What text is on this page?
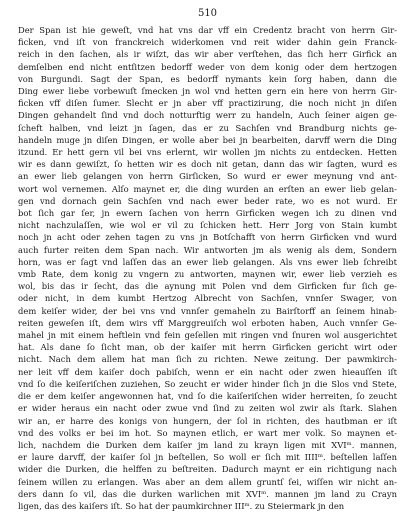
510
Der Span ist hie geweſt, vnd hat vns dar vff ein Credentz bracht von herrn Gir-
ficken, vnd iſt von franckreich widerkomen vnd reit wider dahin gein Franck-
reich in den ſachen, als ir wiſzt, das wir aber verſtehen, das ſich herr Girfick an
demſelben end nicht entſitzen bedorff weder von dem konig oder dem hertzogen
von Burgundi. Sagt der Span, es bedorff nymants kein ſorg haben, dann die
Ding ewer liebe vorbewuſt ſmecken jn wol vnd hetten gern ein here von herrn Gir-
ficken vff diſen ſumer. Slecht er jn aber vff practizirung, die noch nicht jn diſen
Dingen gehandelt ſind vnd doch notturftig werr zu handeln, Auch ſeiner aigen ge-
ſcheft halben, vnd leizt jn ſagen, das er zu Sachſen vnd Brandburg nichts ge-
handeln muge jn diſen Dingen, er wolle aber bei jn bearbeiten, darvff wern die Ding
itzund. Er hett gern vil bei vns erlernt, wir wollen jm nichts zu entdecken. Hetten
wir es dann gewiſzt, ſo hetten wir es doch nit getan, dann das wir ſagten, wurd es
an ewer lieb gelangen von herrn Girſicken, So wurd er ewer meynung vnd ant-
wort wol vernemen. Alſo maynet er, die ding wurden an erſten an ewer lieb gelan-
gen vnd dornach gein Sachſen vnd nach ewer beder rate, wo es not wurd. Er
bot ſich gar ſer, jn ewern ſachen von herrn Girficken wegen ich zu dinen vnd
nicht nachzulaſſen, wie wol er vil zu ſchicken hett. Herr Jorg von Stain kumbt
noch jn acht oder zehen tagen zu vns jn Botſchafft von herrn Girficken vnd wurd
auch furter reiten dem Span nach. Wir antworten jm als wenig als dem, Sondern
horn, was er ſagt vnd laſſen das an ewer lieb gelangen. Als vns ewer lieb ſchreibt
vmb Rate, dem konig zu vngern zu antworten, maynen wir, ewer lieb verzieh es
wol, bis das ir ſecht, das die aynung mit Polen vnd dem Girficken fur ſich ge-
oder nicht, in dem kumbt Hertzog Albrecht von Sachſen, vnnſer Swager, von
dem keiſer wider, der bei vns vnd vnnſer gemaheln zu Bairſtorff an ſeinem hinab-
reiten geweſen iſt, dem wirs vff Marggreuiſch wol erboten haben, Auch vnnſer Ge-
mahel jn mit einem heftlein vnd fein geſellen mit ringen vnd ſnuren wol ausgerichtet
hat. Als dane ſo ſicht man, ob der kaiſer mit herrn Girficken gericht wirt oder
nicht. Nach dem allem hat man ſich zu richten. Newe zeitung. Der pawmkirch-
ner leit vff dem kaiſer doch pabiſch, wenn er ein nacht oder zwen hieauſſen iſt
vnd ſo die keiſeriſchen zuziehen, So zeucht er wider hinder ſich jn die Slos vnd Stete,
die er dem keiſer angewonnen hat, vnd ſo die kaiſeriſchen wider herreiten, ſo zeucht
er wider heraus ein nacht oder zwue vnd ſind zu zeiten wol zwir als ſtark. Slahen
wir an, er harre des konigs von hungern, der ſol in richten, des hautbman er iſt
vnd des volks er bei im hot. So maynen etlich, er wart mer volk. So maynen et-
lich, nachdem die Durken dem kaiſer jm land zu krayn ligen mit XVIᵐ. mannen,
er laure darvff, der kaiſer ſol jn beſtellen, So woll er ſich mit IIIIᵐ. beſtellen laſſen
wider die Durken, die helffen zu beſtreiten. Dadurch maynt er ein richtigung nach
ſeinem willen zu erlangen. Was aber an dem allem gruntſ ſei, wiſſen wir nicht an-
ders dann ſo vil, das die durken warlichen mit XVIᵐ. mannen jm land zu Crayn
ligen, das des kaiſers iſt. So hat der paumkirchner IIIᵐ. zu Steiermark jn den
